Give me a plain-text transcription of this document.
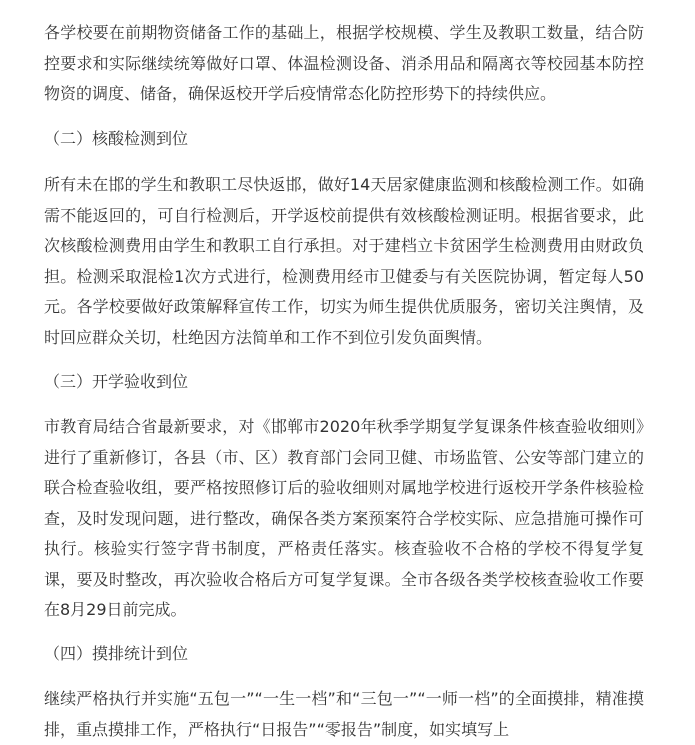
各学校要在前期物资储备工作的基础上，根据学校规模、学生及教职工数量，结合防控要求和实际继续统筹做好口罩、体温检测设备、消杀用品和隔离衣等校园基本防控物资的调度、储备，确保返校开学后疫情常态化防控形势下的持续供应。

（二）核酸检测到位

所有未在邯的学生和教职工尽快返邯，做好14天居家健康监测和核酸检测工作。如确需不能返回的，可自行检测后，开学返校前提供有效核酸检测证明。根据省要求，此次核酸检测费用由学生和教职工自行承担。对于建档立卡贫困学生检测费用由财政负担。检测采取混检1次方式进行，检测费用经市卫健委与有关医院协调，暂定每人50元。各学校要做好政策解释宣传工作，切实为师生提供优质服务，密切关注舆情，及时回应群众关切，杜绝因方法简单和工作不到位引发负面舆情。

（三）开学验收到位

市教育局结合省最新要求，对《邯郸市2020年秋季学期复学复课条件核查验收细则》进行了重新修订，各县（市、区）教育部门会同卫健、市场监管、公安等部门建立的联合检查验收组，要严格按照修订后的验收细则对属地学校进行返校开学条件核验检查，及时发现问题，进行整改，确保各类方案预案符合学校实际、应急措施可操作可执行。核验实行签字背书制度，严格责任落实。核查验收不合格的学校不得复学复课，要及时整改，再次验收合格后方可复学复课。全市各级各类学校核查验收工作要在8月29日前完成。

（四）摸排统计到位

继续严格执行并实施“五包一”“一生一档”和“三包一”“一师一档”的全面摸排，精准摸排，重点摸排工作，严格执行“日报告”“零报告”制度，如实填写上
